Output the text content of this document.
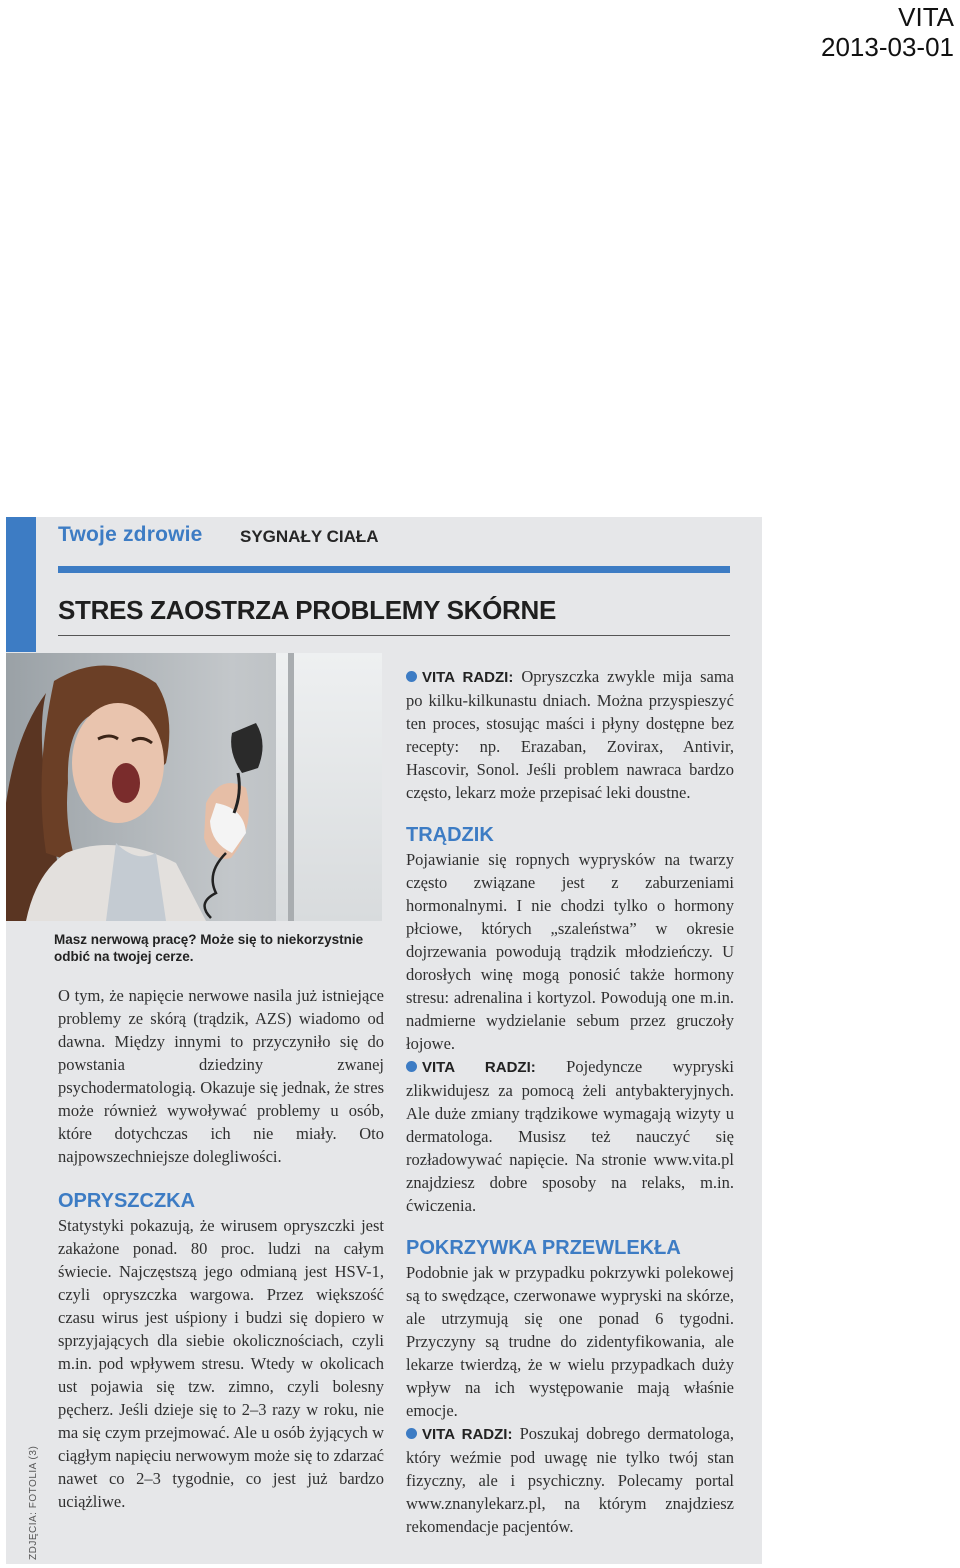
VITA
2013-03-01
Twoje zdrowie SYGNAŁY CIAŁA
STRES ZAOSTRZA PROBLEMY SKÓRNE
Masz nerwową pracę? Może się to niekorzystnie odbić na twojej cerze.

O tym, że napięcie nerwowe nasila już istniejące problemy ze skórą (trądzik, AZS) wiadomo od dawna. Między innymi to przyczyniło się do powstania dziedziny zwanej psychodermatologią. Okazuje się jednak, że stres może również wywoływać problemy u osób, które dotychczas ich nie miały. Oto najpowszechniejsze dolegliwości.

OPRYSZCZKA

Statystyki pokazują, że wirusem opryszczki jest zakażone ponad. 80 proc. ludzi na całym świecie. Najczęstszą jego odmianą jest HSV-1, czyli opryszczka wargowa. Przez większość czasu wirus jest uśpiony i budzi się dopiero w sprzyjających dla siebie okolicznościach, czyli m.in. pod wpływem stresu. Wtedy w okolicach ust pojawia się tzw. zimno, czyli bolesny pęcherz. Jeśli dzieje się to 2–3 razy w roku, nie ma się czym przejmować. Ale u osób żyjących w ciągłym napięciu nerwowym może się to zdarzać nawet co 2–3 tygodnie, co jest już bardzo uciążliwe.

VITA RADZI: Opryszczka zwykle mija sama po kilku-kilkunastu dniach. Można przyspieszyć ten proces, stosując maści i płyny dostępne bez recepty: np. Erazaban, Zovirax, Antivir, Hascovir, Sonol. Jeśli problem nawraca bardzo często, lekarz może przepisać leki doustne.

TRĄDZIK

Pojawianie się ropnych wyprysków na twarzy często związane jest z zaburzeniami hormonalnymi. I nie chodzi tylko o hormony płciowe, których „szaleństwa” w okresie dojrzewania powodują trądzik młodzieńczy. U dorosłych winę mogą ponosić także hormony stresu: adrenalina i kortyzol. Powodują one m.in. nadmierne wydzielanie sebum przez gruczoły łojowe.

VITA RADZI: Pojedyncze wypryski zlikwidujesz za pomocą żeli antybakteryjnych. Ale duże zmiany trądzikowe wymagają wizyty u dermatologa. Musisz też nauczyć się rozładowywać napięcie. Na stronie www.vita.pl znajdziesz dobre sposoby na relaks, m.in. ćwiczenia.

POKRZYWKA PRZEWLEKŁA

Podobnie jak w przypadku pokrzywki polekowej są to swędzące, czerwonawe wypryski na skórze, ale utrzymują się one ponad 6 tygodni. Przyczyny są trudne do zidentyfikowania, ale lekarze twierdzą, że w wielu przypadkach duży wpływ na ich występowanie mają właśnie emocje.

VITA RADZI: Poszukaj dobrego dermatologa, który weźmie pod uwagę nie tylko twój stan fizyczny, ale i psychiczny. Polecamy portal www.znanylekarz.pl, na którym znajdziesz rekomendacje pacjentów.

ZDJĘCIA: FOTOLIA (3)
